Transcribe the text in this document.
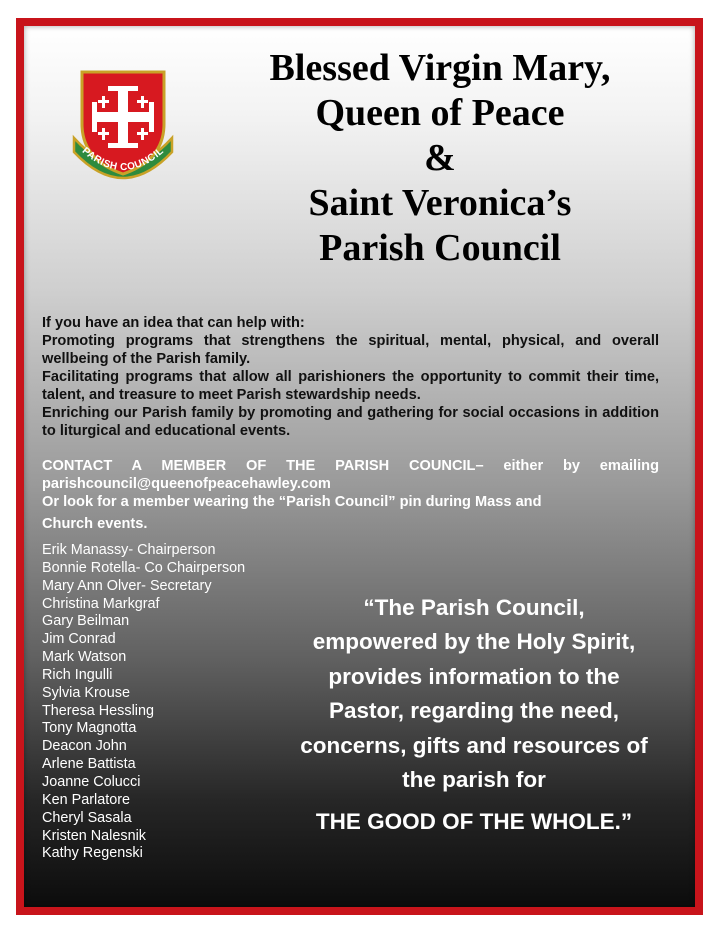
PARISH COUNCIL
Blessed Virgin Mary,
Queen of Peace
&
Saint Veronica’s
Parish Council

If you have an idea that can help with:

Promoting programs that strengthens the spiritual, mental, physical, and overall wellbeing of the Parish family.

Facilitating programs that allow all parishioners the opportunity to commit their time, talent, and treasure to meet Parish stewardship needs.

Enriching our Parish family by promoting and gathering for social occasions in addition to liturgical and educational events.

CONTACT A MEMBER OF THE PARISH COUNCIL– either by emailing parishcouncil@queenofpeacehawley.com

Or look for a member wearing the “Parish Council” pin during Mass and

Church events.

Erik Manassy- Chairperson
Bonnie Rotella- Co Chairperson
Mary Ann Olver- Secretary
Christina Markgraf
Gary Beilman
Jim Conrad
Mark Watson
Rich Ingulli
Sylvia Krouse
Theresa Hessling
Tony Magnotta
Deacon John
Arlene Battista
Joanne Colucci
Ken Parlatore
Cheryl Sasala
Kristen Nalesnik
Kathy Regenski
“The Parish Council,
empowered by the Holy Spirit,
provides information to the
Pastor, regarding the need,
concerns, gifts and resources of
the parish for
THE GOOD OF THE WHOLE.”
